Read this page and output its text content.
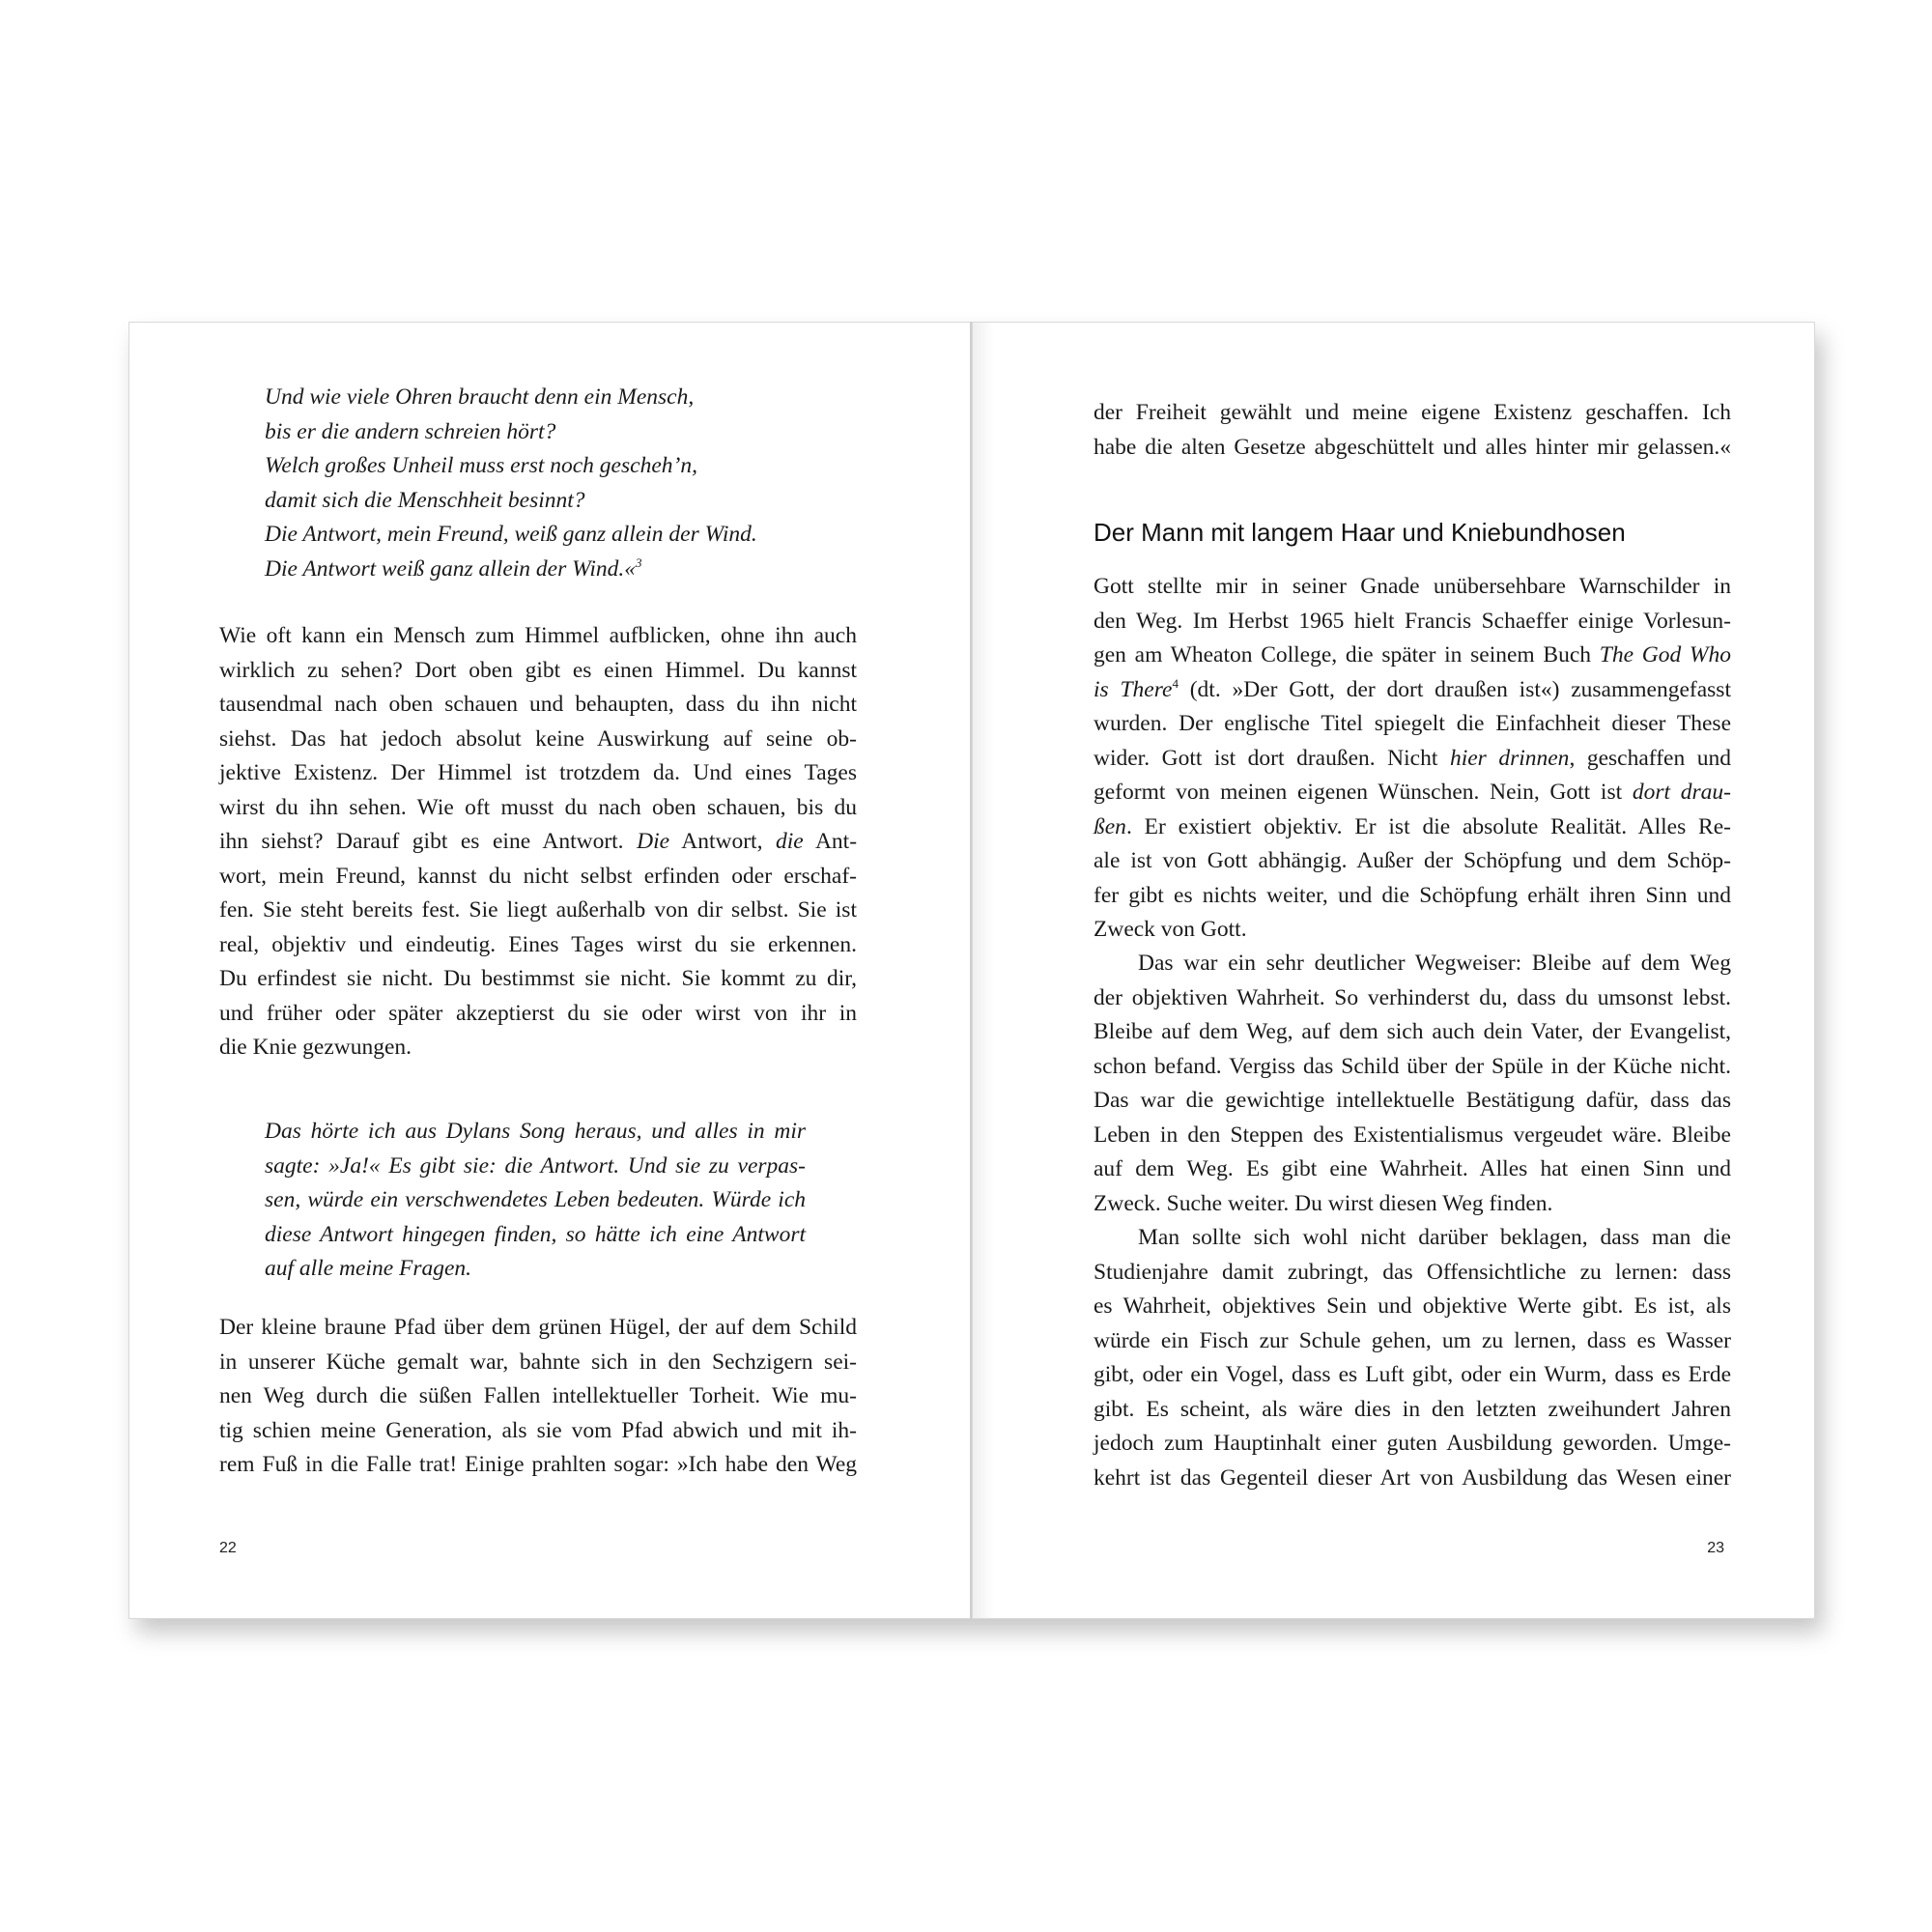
Und wie viele Ohren braucht denn ein Mensch,
bis er die andern schreien hört?
Welch großes Unheil muss erst noch gescheh’n,
damit sich die Menschheit besinnt?
Die Antwort, mein Freund, weiß ganz allein der Wind.
Die Antwort weiß ganz allein der Wind.«$^3$
Wie oft kann ein Mensch zum Himmel aufblicken, ohne ihn auch
wirklich zu sehen? Dort oben gibt es einen Himmel. Du kannst
tausendmal nach oben schauen und behaupten, dass du ihn nicht
siehst. Das hat jedoch absolut keine Auswirkung auf seine ob-
jektive Existenz. Der Himmel ist trotzdem da. Und eines Tages
wirst du ihn sehen. Wie oft musst du nach oben schauen, bis du
ihn siehst? Darauf gibt es eine Antwort. Die Antwort, die Ant-
wort, mein Freund, kannst du nicht selbst erfinden oder erschaf-
fen. Sie steht bereits fest. Sie liegt außerhalb von dir selbst. Sie ist
real, objektiv und eindeutig. Eines Tages wirst du sie erkennen.
Du erfindest sie nicht. Du bestimmst sie nicht. Sie kommt zu dir,
und früher oder später akzeptierst du sie oder wirst von ihr in
die Knie gezwungen.
Das hörte ich aus Dylans Song heraus, und alles in mir
sagte: »Ja!« Es gibt sie: die Antwort. Und sie zu verpas-
sen, würde ein verschwendetes Leben bedeuten. Würde ich
diese Antwort hingegen finden, so hätte ich eine Antwort
auf alle meine Fragen.
Der kleine braune Pfad über dem grünen Hügel, der auf dem Schild
in unserer Küche gemalt war, bahnte sich in den Sechzigern sei-
nen Weg durch die süßen Fallen intellektueller Torheit. Wie mu-
tig schien meine Generation, als sie vom Pfad abwich und mit ih-
rem Fuß in die Falle trat! Einige prahlten sogar: »Ich habe den Weg
22
der Freiheit gewählt und meine eigene Existenz geschaffen. Ich
habe die alten Gesetze abgeschüttelt und alles hinter mir gelassen.«
Der Mann mit langem Haar und Kniebundhosen
Gott stellte mir in seiner Gnade unübersehbare Warnschilder in
den Weg. Im Herbst 1965 hielt Francis Schaeffer einige Vorlesun-
gen am Wheaton College, die später in seinem Buch The God Who
is There$^4$ (dt. »Der Gott, der dort draußen ist«) zusammengefasst
wurden. Der englische Titel spiegelt die Einfachheit dieser These
wider. Gott ist dort draußen. Nicht hier drinnen, geschaffen und
geformt von meinen eigenen Wünschen. Nein, Gott ist dort drau-
ßen. Er existiert objektiv. Er ist die absolute Realität. Alles Re-
ale ist von Gott abhängig. Außer der Schöpfung und dem Schöp-
fer gibt es nichts weiter, und die Schöpfung erhält ihren Sinn und
Zweck von Gott.
Das war ein sehr deutlicher Wegweiser: Bleibe auf dem Weg
der objektiven Wahrheit. So verhinderst du, dass du umsonst lebst.
Bleibe auf dem Weg, auf dem sich auch dein Vater, der Evangelist,
schon befand. Vergiss das Schild über der Spüle in der Küche nicht.
Das war die gewichtige intellektuelle Bestätigung dafür, dass das
Leben in den Steppen des Existentialismus vergeudet wäre. Bleibe
auf dem Weg. Es gibt eine Wahrheit. Alles hat einen Sinn und
Zweck. Suche weiter. Du wirst diesen Weg finden.
Man sollte sich wohl nicht darüber beklagen, dass man die
Studienjahre damit zubringt, das Offensichtliche zu lernen: dass
es Wahrheit, objektives Sein und objektive Werte gibt. Es ist, als
würde ein Fisch zur Schule gehen, um zu lernen, dass es Wasser
gibt, oder ein Vogel, dass es Luft gibt, oder ein Wurm, dass es Erde
gibt. Es scheint, als wäre dies in den letzten zweihundert Jahren
jedoch zum Hauptinhalt einer guten Ausbildung geworden. Umge-
kehrt ist das Gegenteil dieser Art von Ausbildung das Wesen einer
23
